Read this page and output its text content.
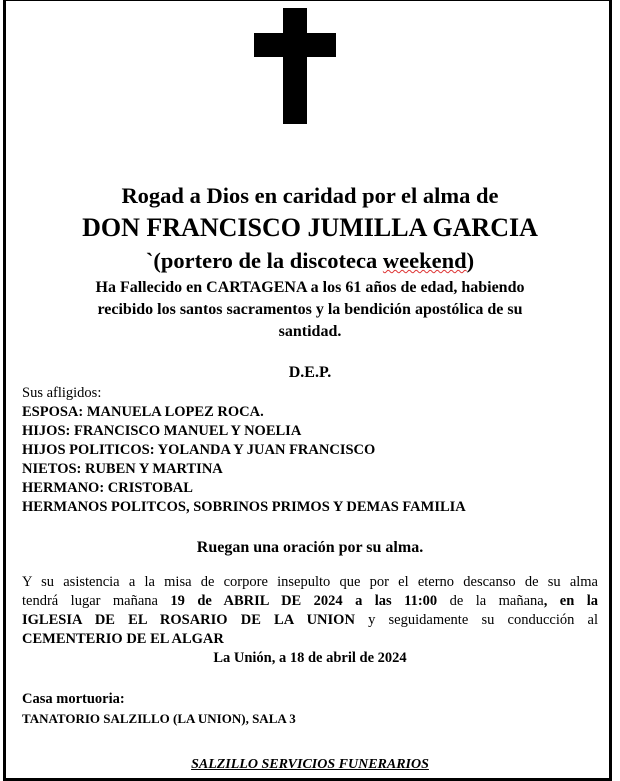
Rogad a Dios en caridad por el alma de
DON FRANCISCO JUMILLA GARCIA
`(portero de la discoteca weekend)
Ha Fallecido en CARTAGENA a los 61 años de edad, habiendo
recibido los santos sacramentos y la bendición apostólica de su
santidad.
D.E.P.
Sus afligidos:
ESPOSA: MANUELA LOPEZ ROCA.
HIJOS: FRANCISCO MANUEL Y NOELIA
HIJOS POLITICOS: YOLANDA Y JUAN FRANCISCO
NIETOS: RUBEN Y MARTINA
HERMANO: CRISTOBAL
HERMANOS POLITCOS, SOBRINOS PRIMOS Y DEMAS FAMILIA
Ruegan una oración por su alma.
Y su asistencia a la misa de corpore insepulto que por el eterno descanso de su alma
tendrá lugar mañana 19 de ABRIL DE 2024 a las 11:00 de la mañana, en la
IGLESIA DE EL ROSARIO DE LA UNION y seguidamente su conducción al
CEMENTERIO DE EL ALGAR
La Unión, a 18 de abril de 2024
Casa mortuoria:
TANATORIO SALZILLO (LA UNION), SALA 3
SALZILLO SERVICIOS FUNERARIOS
